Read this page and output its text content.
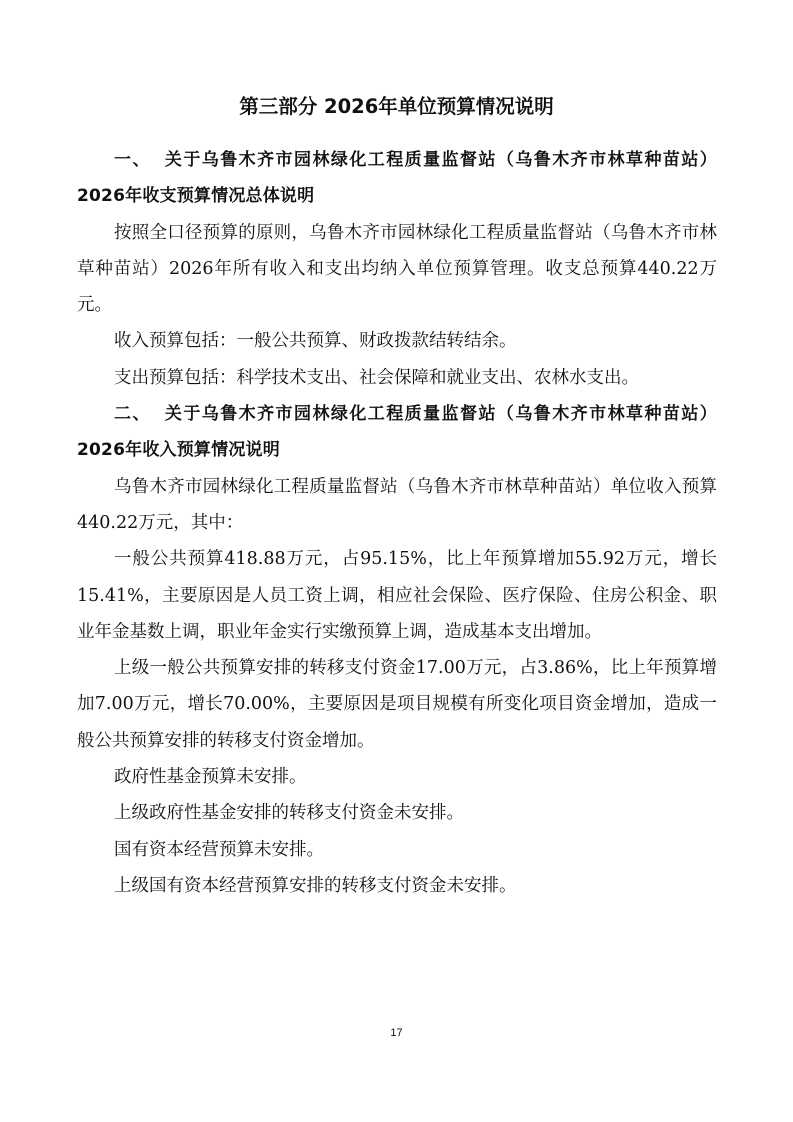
第三部分 2026年单位预算情况说明

一、 关于乌鲁木齐市园林绿化工程质量监督站（乌鲁木齐市林草种苗站）2026年收支预算情况总体说明

按照全口径预算的原则，乌鲁木齐市园林绿化工程质量监督站（乌鲁木齐市林草种苗站）2026年所有收入和支出均纳入单位预算管理。收支总预算440.22万元。

收入预算包括：一般公共预算、财政拨款结转结余。

支出预算包括：科学技术支出、社会保障和就业支出、农林水支出。

二、 关于乌鲁木齐市园林绿化工程质量监督站（乌鲁木齐市林草种苗站）2026年收入预算情况说明

乌鲁木齐市园林绿化工程质量监督站（乌鲁木齐市林草种苗站）单位收入预算440.22万元，其中：

一般公共预算418.88万元，占95.15%，比上年预算增加55.92万元，增长15.41%，主要原因是人员工资上调，相应社会保险、医疗保险、住房公积金、职业年金基数上调，职业年金实行实缴预算上调，造成基本支出增加。

上级一般公共预算安排的转移支付资金17.00万元，占3.86%，比上年预算增加7.00万元，增长70.00%，主要原因是项目规模有所变化项目资金增加，造成一般公共预算安排的转移支付资金增加。

政府性基金预算未安排。

上级政府性基金安排的转移支付资金未安排。

国有资本经营预算未安排。

上级国有资本经营预算安排的转移支付资金未安排。

17
